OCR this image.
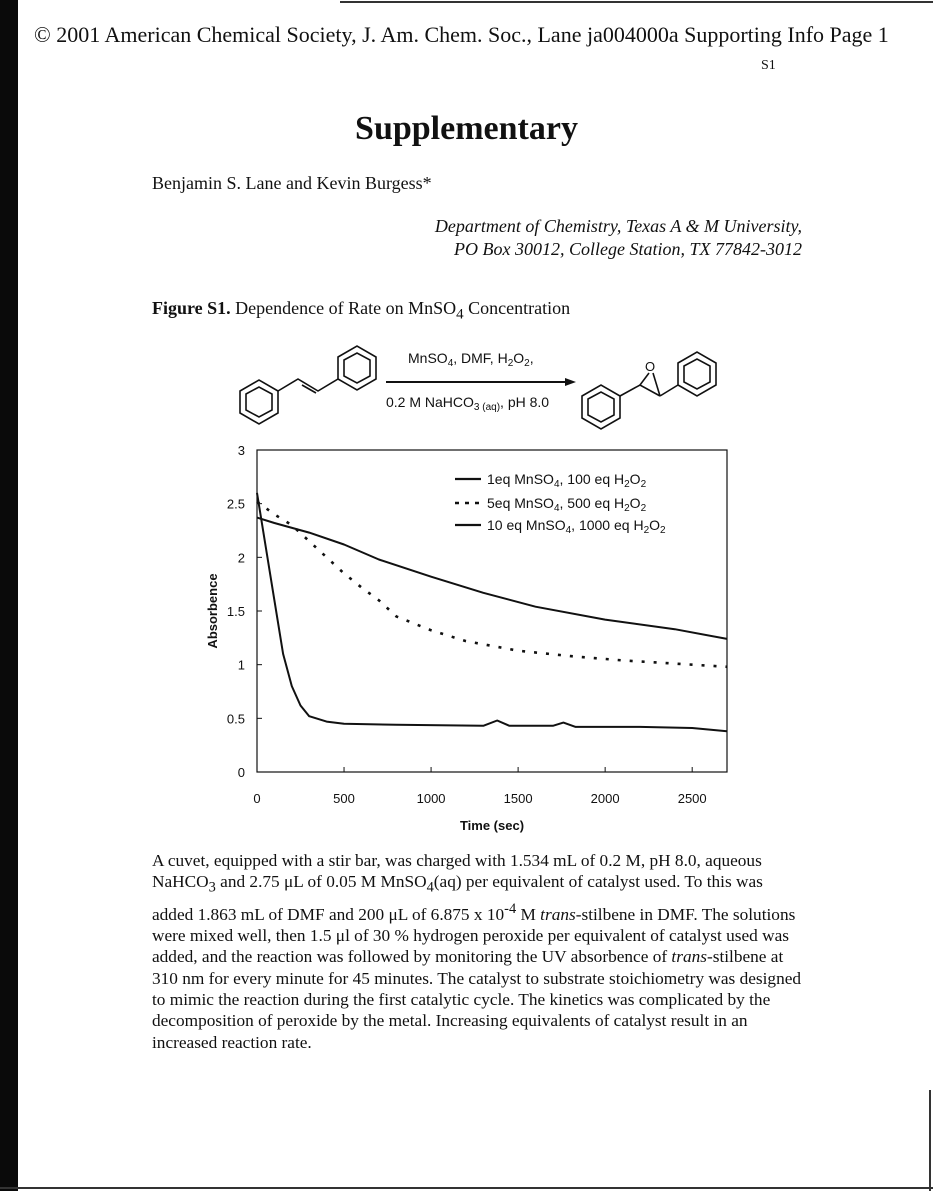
© 2001 American Chemical Society, J. Am. Chem. Soc., Lane ja004000a Supporting Info Page 1
S1
Supplementary
Benjamin S. Lane and Kevin Burgess*
Department of Chemistry, Texas A & M University,
PO Box 30012, College Station, TX 77842-3012
Figure S1. Dependence of Rate on MnSO$_4$ Concentration
MnSO$_4$, DMF, $H_2O_2$,
0.2 M NaHCO$_{3 (aq)}$, pH 8.0
O
0
0.5
1
1.5
2
2.5
3
0	500	1000	1500	2000	2500
1eq MnSO$_4$, 100 eq $H_2O_2$
5eq MnSO$_4$, 500 eq $H_2O_2$
10 eq MnSO$_4$, 1000 eq $H_2O_2$
Time (sec)
Absorbence

A cuvet, equipped with a stir bar, was charged with 1.534 mL of 0.2 M, pH 8.0, aqueous NaHCO$_3$ and 2.75 μL of 0.05 M MnSO$_4$(aq) per equivalent of catalyst used. To this was added 1.863 mL of DMF and 200 μL of 6.875 x $10^{-4}$ M trans-stilbene in DMF. The solutions were mixed well, then 1.5 μl of 30 % hydrogen peroxide per equivalent of catalyst used was added, and the reaction was followed by monitoring the UV absorbence of trans-stilbene at 310 nm for every minute for 45 minutes. The catalyst to substrate stoichiometry was designed to mimic the reaction during the first catalytic cycle. The kinetics was complicated by the decomposition of peroxide by the metal. Increasing equivalents of catalyst result in an increased reaction rate.
